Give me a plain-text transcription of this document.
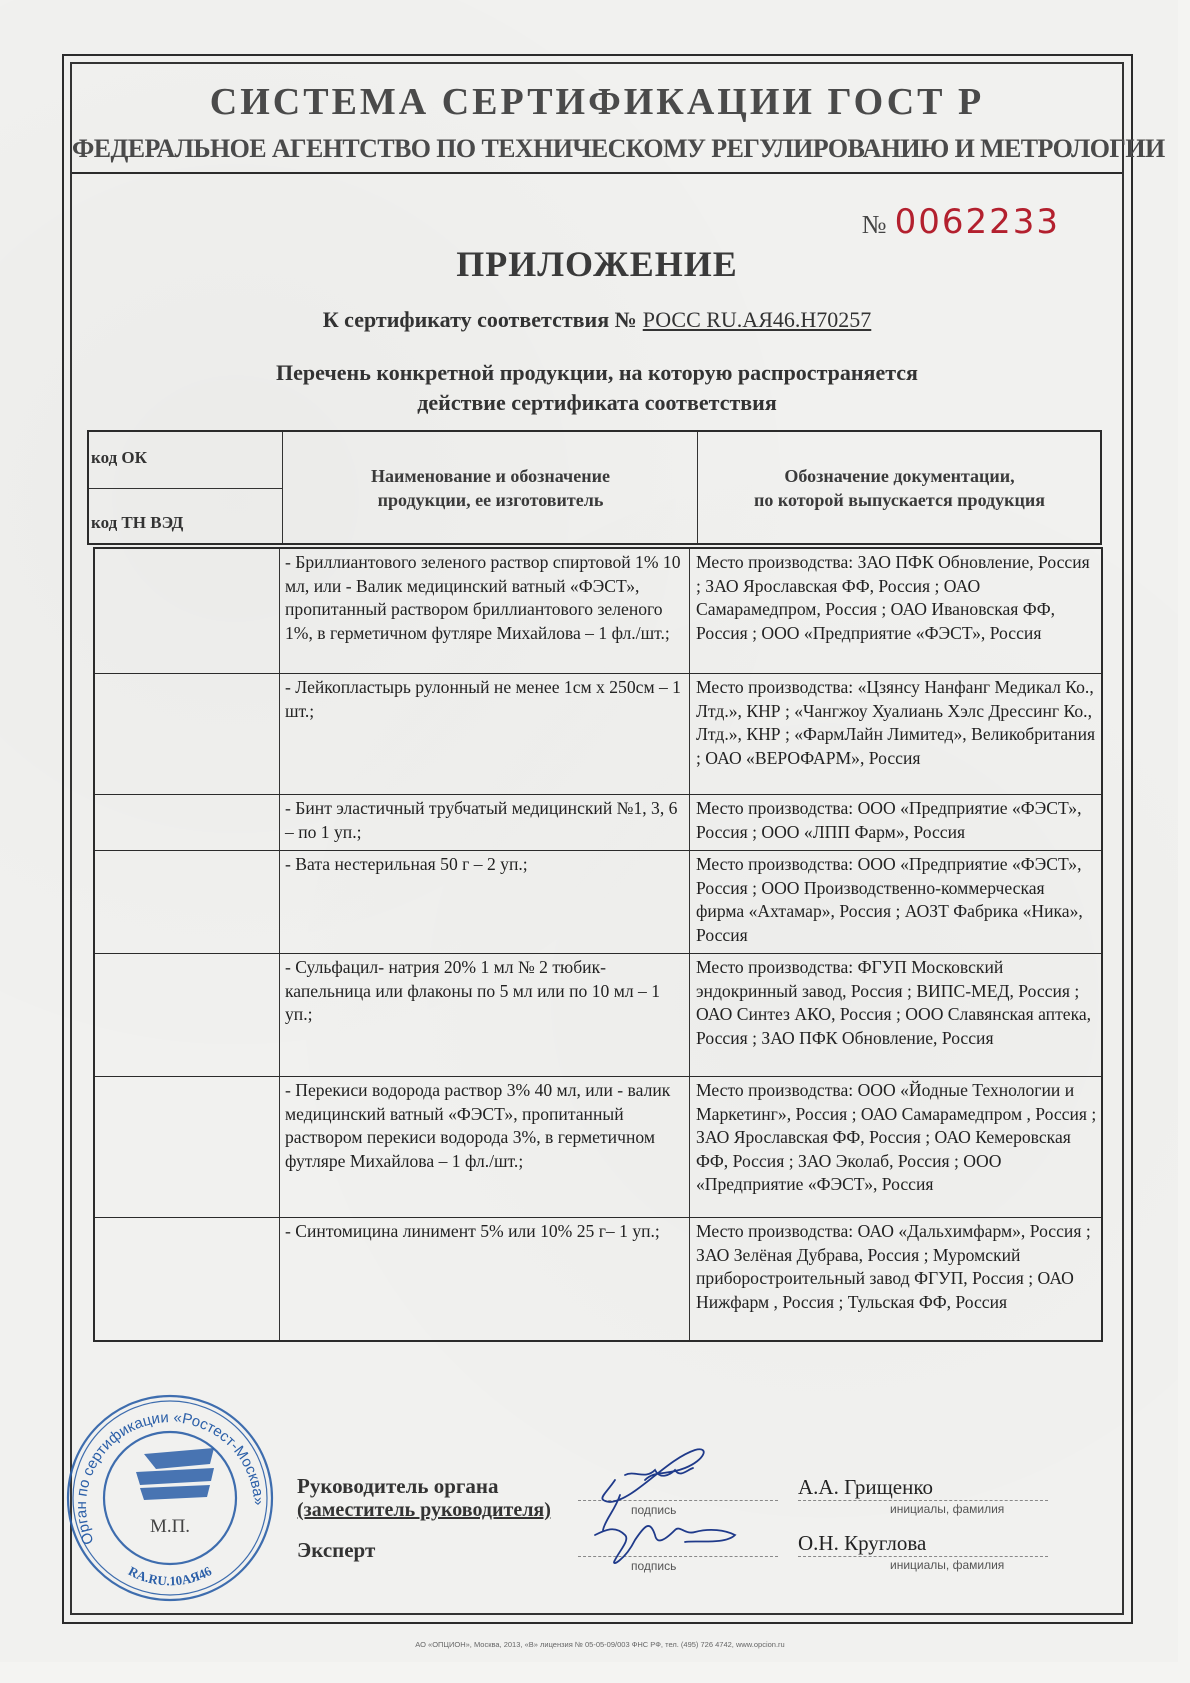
СИСТЕМА СЕРТИФИКАЦИИ ГОСТ Р
ФЕДЕРАЛЬНОЕ АГЕНТСТВО ПО ТЕХНИЧЕСКОМУ РЕГУЛИРОВАНИЮ И МЕТРОЛОГИИ
№ 0062233
ПРИЛОЖЕНИЕ
К сертификату соответствия № РОСС RU.АЯ46.Н70257
Перечень конкретной продукции, на которую распространяется
действие сертификата соответствия
код ОК
код ТН ВЭД
Наименование и обозначение
продукции, ее изготовитель
Обозначение документации,
по которой выпускается продукция
- Бриллиантового зеленого раствор спиртовой 1% 10 мл, или - Валик медицинский ватный «ФЭСТ», пропитанный раствором бриллиантового зеленого 1%, в герметичном футляре Михайлова – 1 фл./шт.;
Место производства: ЗАО ПФК Обновление, Россия ; ЗАО Ярославская ФФ, Россия ; ОАО Самарамедпром, Россия ; ОАО Ивановская ФФ, Россия ; ООО «Предприятие «ФЭСТ», Россия
- Лейкопластырь рулонный не менее 1см х 250см – 1 шт.;
Место производства: «Цзянсу Нанфанг Медикал Ко., Лтд.», КНР ; «Чангжоу Хуалиань Хэлс Дрессинг Ко., Лтд.», КНР ; «ФармЛайн Лимитед», Великобритания ; ОАО «ВЕРОФАРМ», Россия
- Бинт эластичный трубчатый медицинский №1, 3, 6 – по 1 уп.;
Место производства: ООО «Предприятие «ФЭСТ», Россия ; ООО «ЛПП Фарм», Россия
- Вата нестерильная 50 г – 2 уп.;	Место производства: ООО «Предприятие «ФЭСТ», Россия ; ООО Производственно-коммерческая фирма «Ахтамар», Россия ; АОЗТ Фабрика «Ника», Россия
- Сульфацил- натрия 20% 1 мл № 2 тюбик-капельница или флаконы по 5 мл или по 10 мл – 1 уп.;
Место производства: ФГУП Московский эндокринный завод, Россия ; ВИПС-МЕД, Россия ; ОАО Синтез АКО, Россия ; ООО Славянская аптека, Россия ; ЗАО ПФК Обновление, Россия
- Перекиси водорода раствор 3% 40 мл, или - валик медицинский ватный «ФЭСТ», пропитанный раствором перекиси водорода 3%, в герметичном футляре Михайлова – 1 фл./шт.;
Место производства: ООО «Йодные Технологии и Маркетинг», Россия ; ОАО Самарамедпром , Россия ; ЗАО Ярославская ФФ, Россия ; ОАО Кемеровская ФФ, Россия ; ЗАО Эколаб, Россия ; ООО «Предприятие «ФЭСТ», Россия
- Синтомицина линимент 5% или 10% 25 г– 1 уп.;	Место производства: ОАО «Дальхимфарм», Россия ; ЗАО Зелёная Дубрава, Россия ; Муромский приборостроительный завод ФГУП, Россия ; ОАО Нижфарм , Россия ; Тульская ФФ, Россия
Орган по сертификации «Ростест-Москва»
RA.RU.10АЯ46
М.П.
Руководитель органа
(заместитель руководителя)
Эксперт
подпись
подпись
А.А. Грищенко
инициалы, фамилия
О.Н. Круглова
инициалы, фамилия
АО «ОПЦИОН», Москва, 2013, «В» лицензия № 05-05-09/003 ФНС РФ, тел. (495) 726 4742, www.opcion.ru
